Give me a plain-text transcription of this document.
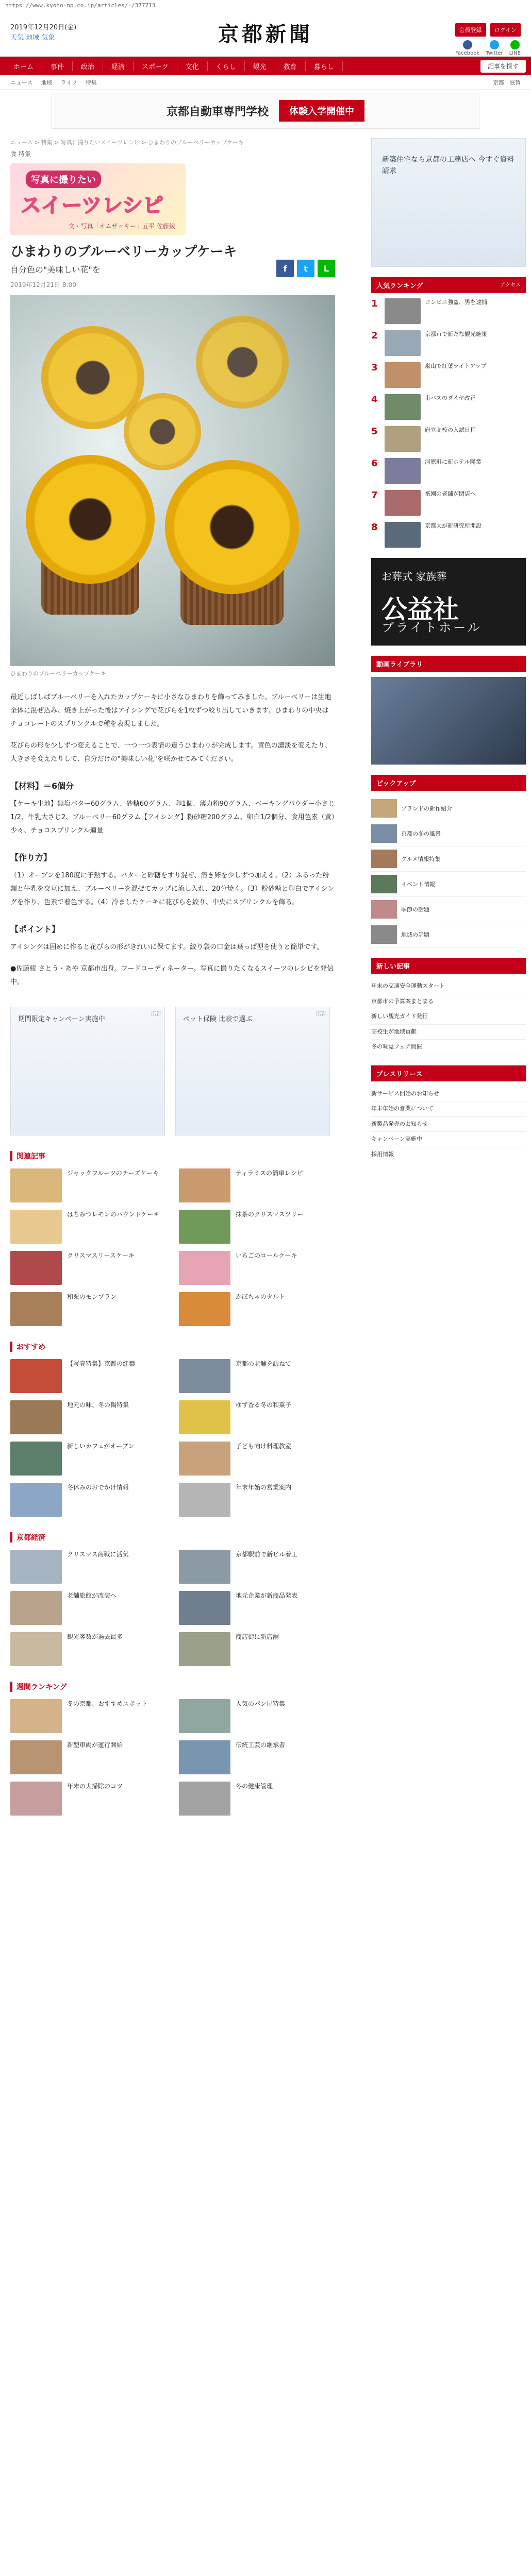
https://www.kyoto-np.co.jp/articles/-/377713
2019年12月20日(金)
天気 地域 気象	京都新聞	会員登録	ログイン
Facebook Twitter LINE
ホーム	事件	政治	経済	スポーツ	文化	くらし	観光	教育	暮らし	記事を探す
ニュース 地域 ライフ 特集	京都 滋賀
京都自動車専門学校	体験入学開催中
ニュース > 特集 > 写真に撮りたいスイーツレシピ > ひまわりのブルーベリーカップケーキ
食 特集
写真に撮りたい
スイーツレシピ
文・写真「オムザッキー」五平 佐藤綾
ひまわりのブルーベリーカップケーキ
自分色の"美味しい花"を
2019年12月21日 8:00
f	t	L
ひまわりのブルーベリーカップケーキ

最近しばしばブルーベリーを入れたカップケーキに小さなひまわりを飾ってみました。ブルーベリーは生地全体に混ぜ込み、焼き上がった後はアイシングで花びらを1枚ずつ絞り出していきます。ひまわりの中央はチョコレートのスプリンクルで種を表現しました。

花びらの形を少しずつ変えることで、一つ一つ表情の違うひまわりが完成します。黄色の濃淡を変えたり、大きさを変えたりして、自分だけの"美味しい花"を咲かせてみてください。

【材料】＝6個分

【ケーキ生地】無塩バター60グラム、砂糖60グラム、卵1個、薄力粉90グラム、ベーキングパウダー小さじ1/2、牛乳大さじ2、ブルーベリー60グラム【アイシング】粉砂糖200グラム、卵白1/2個分、食用色素（黄）少々、チョコスプリンクル適量

【作り方】

（1）オーブンを180度に予熱する。バターと砂糖をすり混ぜ、溶き卵を少しずつ加える。（2）ふるった粉類と牛乳を交互に加え、ブルーベリーを混ぜてカップに流し入れ、20分焼く。（3）粉砂糖と卵白でアイシングを作り、色素で着色する。（4）冷ましたケーキに花びらを絞り、中央にスプリンクルを飾る。

【ポイント】

アイシングは固めに作ると花びらの形がきれいに保てます。絞り袋の口金は葉っぱ型を使うと簡単です。

●佐藤綾 さとう・あや 京都市出身。フードコーディネーター。写真に撮りたくなるスイーツのレシピを発信中。

広告
期間限定キャンペーン実施中
広告
ペット保険 比較で選ぶ
関連記事
ジャックフルーツのチーズケーキ	ティラミスの簡単レシピ
はちみつレモンのパウンドケーキ	抹茶のクリスマスツリー
クリスマスリースケーキ	いちごのロールケーキ
和栗のモンブラン	かぼちゃのタルト
おすすめ
【写真特集】京都の紅葉	京都の老舗を訪ねて
地元の味、冬の鍋特集	ゆず香る冬の和菓子
新しいカフェがオープン	子ども向け料理教室
冬休みのおでかけ情報	年末年始の営業案内
京都経済
クリスマス商戦に活気	京都駅前で新ビル着工
老舗旅館が改装へ	地元企業が新商品発表
観光客数が過去最多	商店街に新店舗
週間ランキング
冬の京都、おすすめスポット	人気のパン屋特集
新型車両が運行開始	伝統工芸の継承者
年末の大掃除のコツ	冬の健康管理
新築住宅なら京都の工務店へ 今すぐ資料請求
人気ランキング	アクセス
1	コンビニ強盗、男を逮捕
2	京都市で新たな観光施策
3	嵐山で紅葉ライトアップ
4	市バスのダイヤ改正
5	府立高校の入試日程
6	河原町に新ホテル開業
7	祇園の老舗が閉店へ
8	京都大が新研究所開設
お葬式 家族葬
公益社
ブライトホール
動画ライブラリ
ピックアップ
ブランドの新作紹介
京都の冬の風景
グルメ情報特集
イベント情報
季節の話題
地域の話題
新しい記事
年末の交通安全運動スタート
京都市の予算案まとまる
新しい観光ガイド発行
高校生が地域貢献
冬の味覚フェア開催
プレスリリース
新サービス開始のお知らせ
年末年始の営業について
新製品発売のお知らせ
キャンペーン実施中
採用情報
